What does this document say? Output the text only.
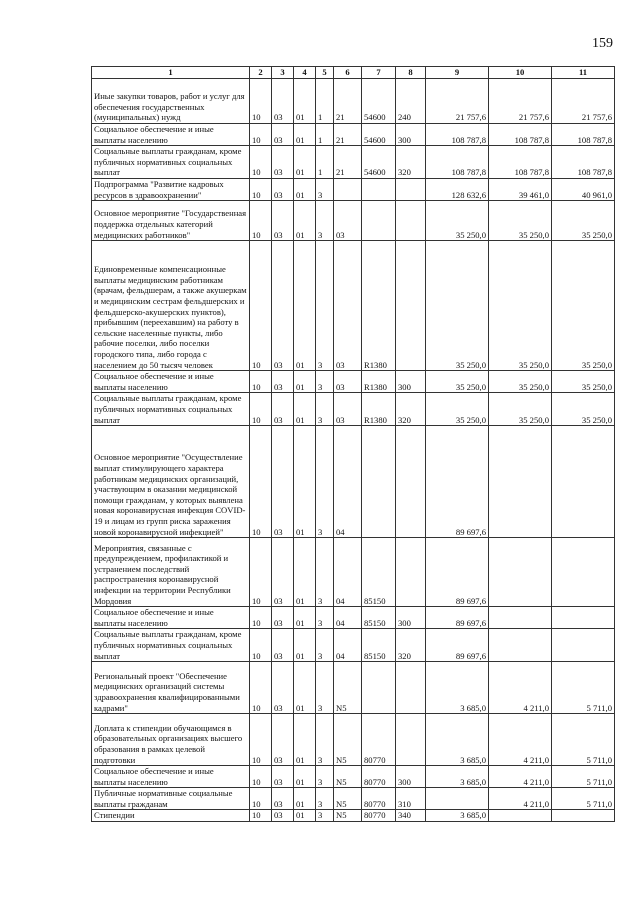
159
1	2	3	4	5	6	7	8	9	10	11
Иные закупки товаров, работ и услуг для обеспечения государственных (муниципальных) нужд	10	03	01	1	21	54600	240	21 757,6	21 757,6	21 757,6
Социальное обеспечение и иные выплаты населению	10	03	01	1	21	54600	300	108 787,8	108 787,8	108 787,8
Социальные выплаты гражданам, кроме публичных нормативных социальных выплат	10	03	01	1	21	54600	320	108 787,8	108 787,8	108 787,8
Подпрограмма "Развитие кадровых ресурсов в здравоохранении"	10	03	01	3				128 632,6	39 461,0	40 961,0
Основное мероприятие "Государственная поддержка отдельных категорий медицинских работников"	10	03	01	3	03			35 250,0	35 250,0	35 250,0
Единовременные компенсационные выплаты медицинским работникам (врачам, фельдшерам, а также акушеркам и медицинским сестрам фельдшерских и фельдшерско-акушерских пунктов), прибывшим (переехавшим) на работу в сельские населенные пункты, либо рабочие поселки, либо поселки городского типа, либо города с населением до 50 тысяч человек	10	03	01	3	03	R1380		35 250,0	35 250,0	35 250,0
Социальное обеспечение и иные выплаты населению	10	03	01	3	03	R1380	300	35 250,0	35 250,0	35 250,0
Социальные выплаты гражданам, кроме публичных нормативных социальных выплат	10	03	01	3	03	R1380	320	35 250,0	35 250,0	35 250,0
Основное мероприятие "Осуществление выплат стимулирующего характера работникам медицинских организаций, участвующим в оказании медицинской помощи гражданам, у которых выявлена новая коронавирусная инфекция COVID-19 и лицам из групп риска заражения новой коронавирусной инфекцией"	10	03	01	3	04			89 697,6		
Мероприятия, связанные с предупреждением, профилактикой и устранением последствий распространения коронавирусной инфекции на территории Республики Мордовия	10	03	01	3	04	85150		89 697,6		
Социальное обеспечение и иные выплаты населению	10	03	01	3	04	85150	300	89 697,6		
Социальные выплаты гражданам, кроме публичных нормативных социальных выплат	10	03	01	3	04	85150	320	89 697,6		
Региональный проект "Обеспечение медицинских организаций системы здравоохранения квалифицированными кадрами"	10	03	01	3	N5			3 685,0	4 211,0	5 711,0
Доплата к стипендии обучающимся в образовательных организациях высшего образования в рамках целевой подготовки	10	03	01	3	N5	80770		3 685,0	4 211,0	5 711,0
Социальное обеспечение и иные выплаты населению	10	03	01	3	N5	80770	300	3 685,0	4 211,0	5 711,0
Публичные нормативные социальные выплаты гражданам	10	03	01	3	N5	80770	310		4 211,0	5 711,0
Стипендии	10	03	01	3	N5	80770	340	3 685,0		
